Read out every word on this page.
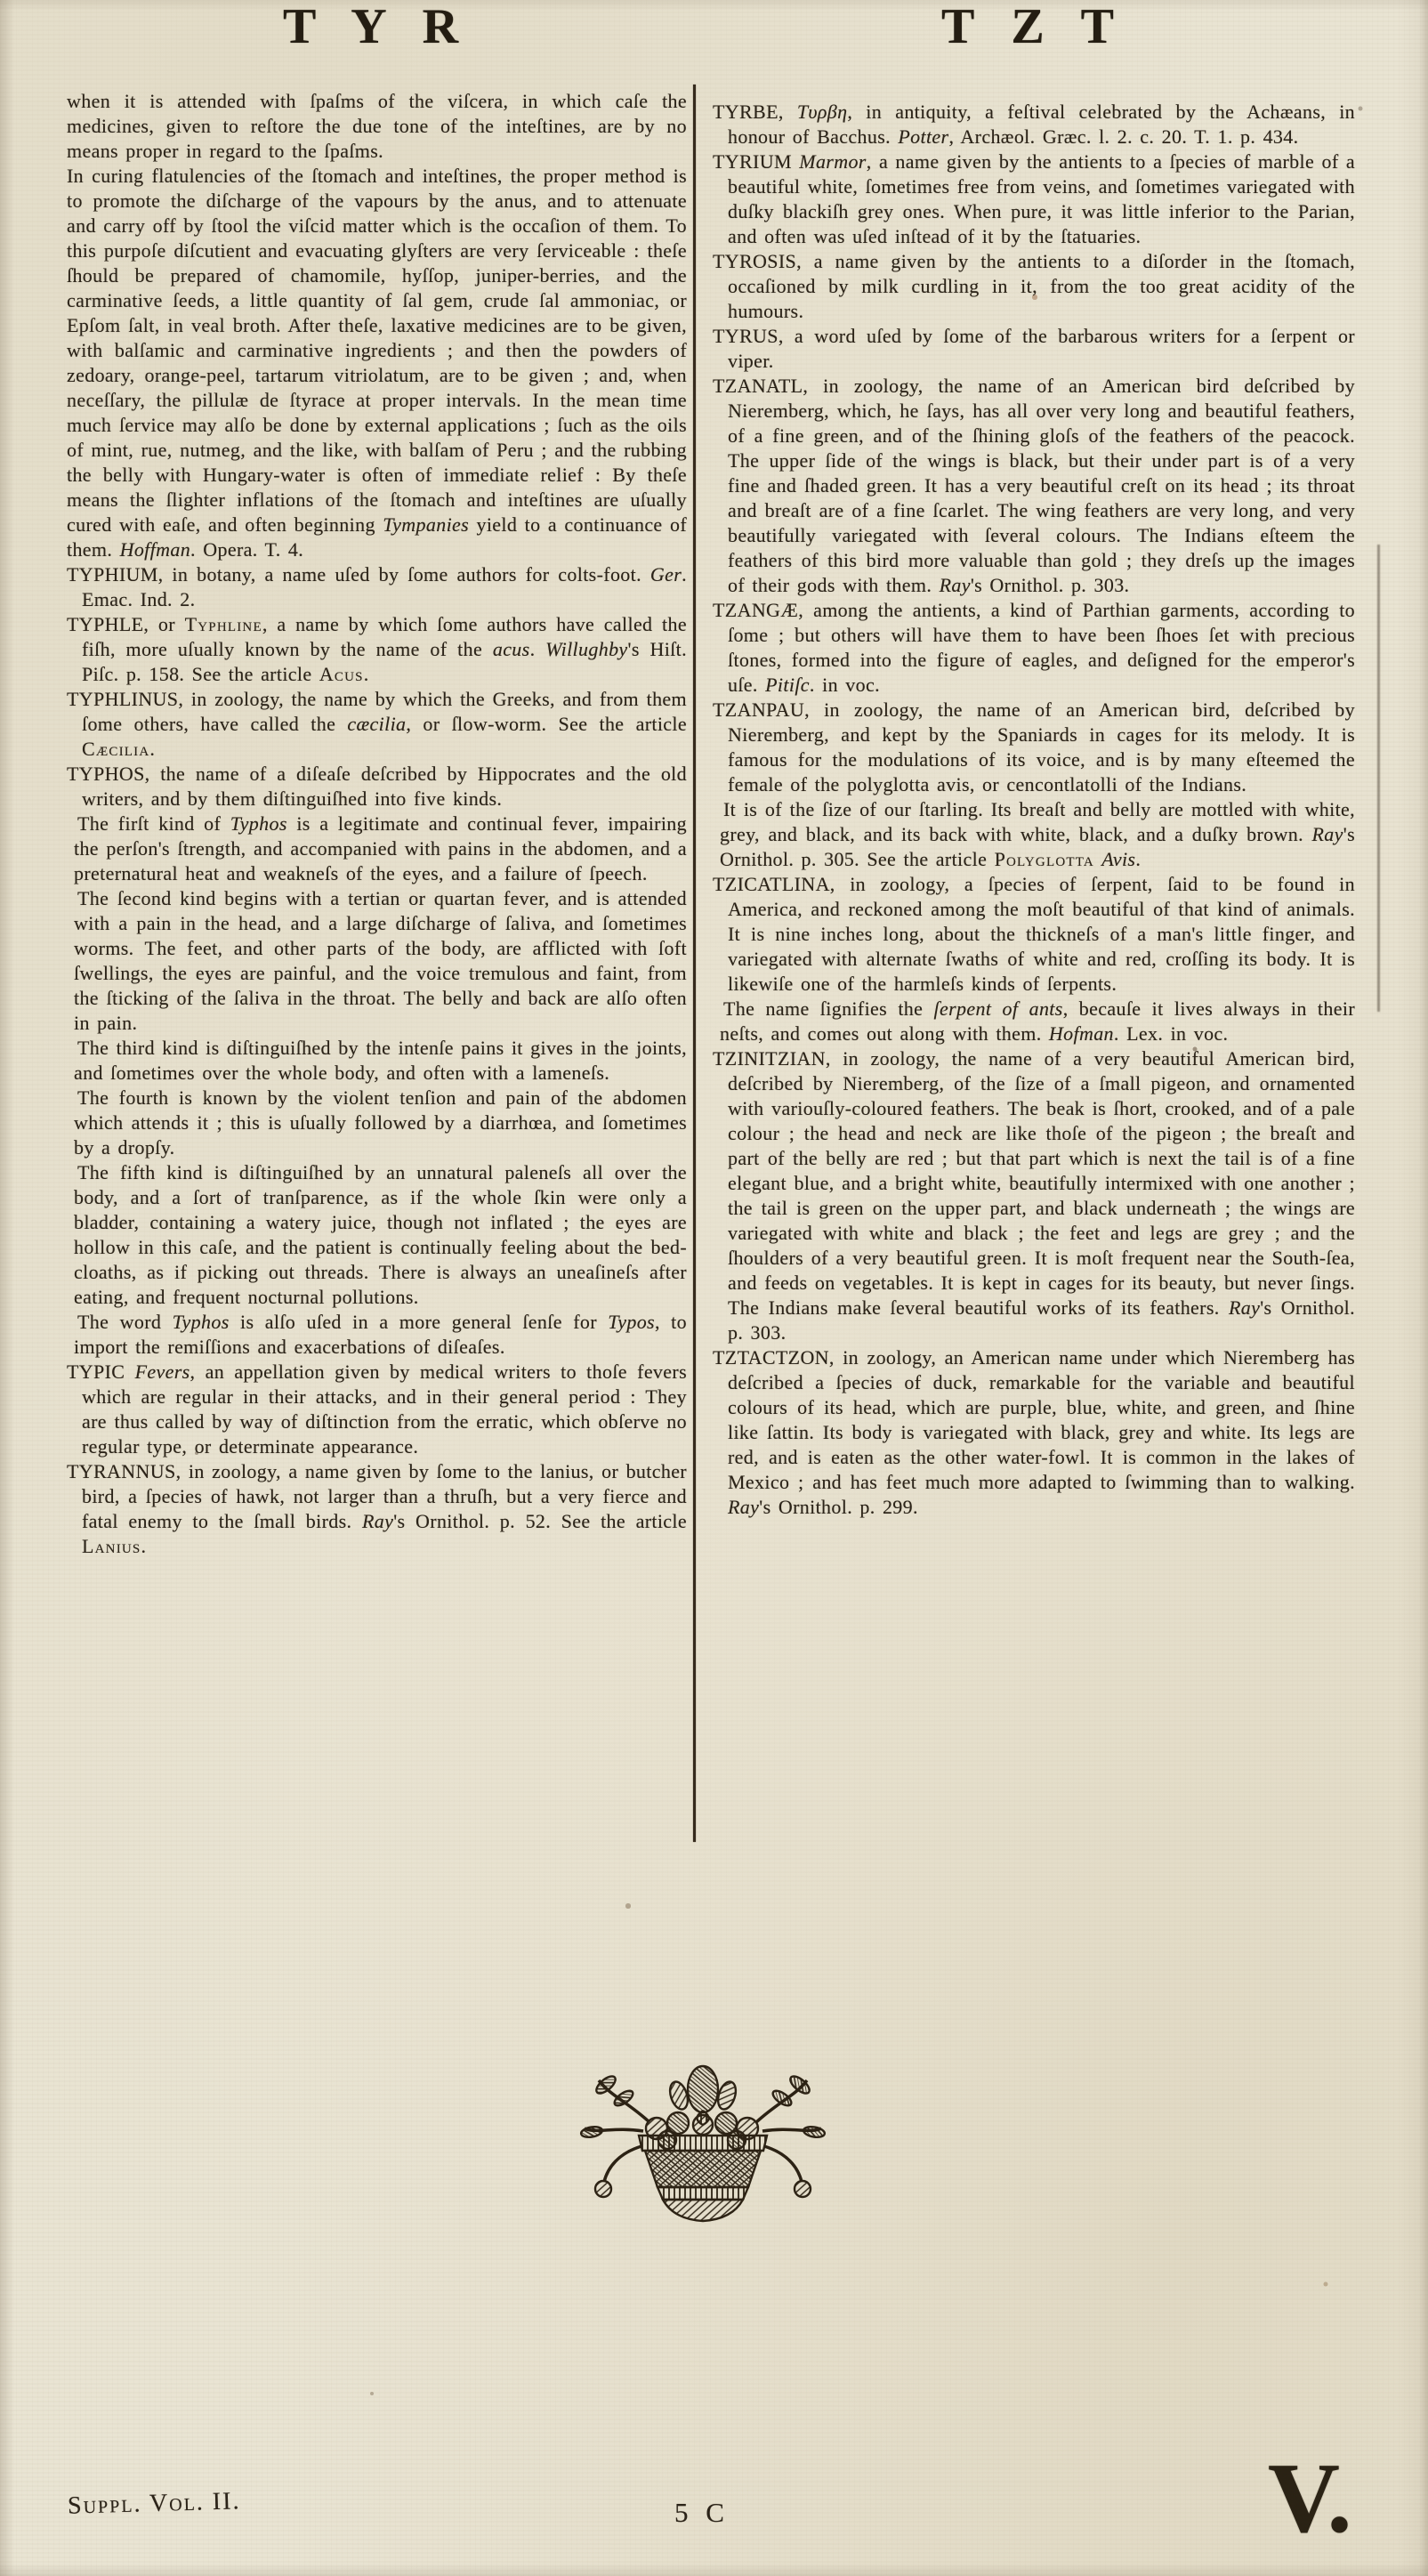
T Y R	T Z T

when it is attended with ſpaſms of the viſcera, in which caſe the medicines, given to reſtore the due tone of the inteſtines, are by no means proper in regard to the ſpaſms.

In curing flatulencies of the ſtomach and inteſtines, the proper method is to promote the diſcharge of the vapours by the anus, and to attenuate and carry off by ſtool the viſcid matter which is the occaſion of them. To this purpoſe diſcutient and evacuating glyſters are very ſerviceable : theſe ſhould be prepared of chamomile, hyſſop, juniper-berries, and the carminative ſeeds, a little quantity of ſal gem, crude ſal ammoniac, or Epſom ſalt, in veal broth. After theſe, laxative medicines are to be given, with balſamic and carminative ingredients ; and then the powders of zedoary, orange-peel, tartarum vitriolatum, are to be given ; and, when neceſſary, the pillulæ de ſtyrace at proper intervals. In the mean time much ſervice may alſo be done by external applications ; ſuch as the oils of mint, rue, nutmeg, and the like, with balſam of Peru ; and the rubbing the belly with Hungary-water is often of immediate relief : By theſe means the ſlighter inflations of the ſtomach and inteſtines are uſually cured with eaſe, and often beginning Tympanies yield to a continuance of them. Hoffman. Opera. T. 4.

TYPHIUM, in botany, a name uſed by ſome authors for colts-foot. Ger. Emac. Ind. 2.

TYPHLE, or Typhline, a name by which ſome authors have called the fiſh, more uſually known by the name of the acus. Willughby's Hiſt. Piſc. p. 158. See the article Acus.

TYPHLINUS, in zoology, the name by which the Greeks, and from them ſome others, have called the cæcilia, or ſlow-worm. See the article Cæcilia.

TYPHOS, the name of a diſeaſe deſcribed by Hippocrates and the old writers, and by them diſtinguiſhed into five kinds.

The firſt kind of Typhos is a legitimate and continual fever, impairing the perſon's ſtrength, and accompanied with pains in the abdomen, and a preternatural heat and weakneſs of the eyes, and a failure of ſpeech.

The ſecond kind begins with a tertian or quartan fever, and is attended with a pain in the head, and a large diſcharge of ſaliva, and ſometimes worms. The feet, and other parts of the body, are afflicted with ſoft ſwellings, the eyes are painful, and the voice tremulous and faint, from the ſticking of the ſaliva in the throat. The belly and back are alſo often in pain.

The third kind is diſtinguiſhed by the intenſe pains it gives in the joints, and ſometimes over the whole body, and often with a lameneſs.

The fourth is known by the violent tenſion and pain of the abdomen which attends it ; this is uſually followed by a diarrhœa, and ſometimes by a dropſy.

The fifth kind is diſtinguiſhed by an unnatural paleneſs all over the body, and a ſort of tranſparence, as if the whole ſkin were only a bladder, containing a watery juice, though not inflated ; the eyes are hollow in this caſe, and the patient is continually feeling about the bed-cloaths, as if picking out threads. There is always an uneaſineſs after eating, and frequent nocturnal pollutions.

The word Typhos is alſo uſed in a more general ſenſe for Typos, to import the remiſſions and exacerbations of diſeaſes.

TYPIC Fevers, an appellation given by medical writers to thoſe fevers which are regular in their attacks, and in their general period : They are thus called by way of diſtinction from the erratic, which obſerve no regular type, or determinate appearance.

TYRANNUS, in zoology, a name given by ſome to the lanius, or butcher bird, a ſpecies of hawk, not larger than a thruſh, but a very fierce and fatal enemy to the ſmall birds. Ray's Ornithol. p. 52. See the article Lanius.

TYRBE, Τυρβη, in antiquity, a feſtival celebrated by the Achæans, in honour of Bacchus. Potter, Archæol. Græc. l. 2. c. 20. T. 1. p. 434.

TYRIUM Marmor, a name given by the antients to a ſpecies of marble of a beautiful white, ſometimes free from veins, and ſometimes variegated with duſky blackiſh grey ones. When pure, it was little inferior to the Parian, and often was uſed inſtead of it by the ſtatuaries.

TYROSIS, a name given by the antients to a diſorder in the ſtomach, occaſioned by milk curdling in it, from the too great acidity of the humours.

TYRUS, a word uſed by ſome of the barbarous writers for a ſerpent or viper.

TZANATL, in zoology, the name of an American bird deſcribed by Nieremberg, which, he ſays, has all over very long and beautiful feathers, of a fine green, and of the ſhining gloſs of the feathers of the peacock. The upper ſide of the wings is black, but their under part is of a very fine and ſhaded green. It has a very beautiful creſt on its head ; its throat and breaſt are of a fine ſcarlet. The wing feathers are very long, and very beautifully variegated with ſeveral colours. The Indians eſteem the feathers of this bird more valuable than gold ; they dreſs up the images of their gods with them. Ray's Ornithol. p. 303.

TZANGÆ, among the antients, a kind of Parthian garments, according to ſome ; but others will have them to have been ſhoes ſet with precious ſtones, formed into the figure of eagles, and deſigned for the emperor's uſe. Pitiſc. in voc.

TZANPAU, in zoology, the name of an American bird, deſcribed by Nieremberg, and kept by the Spaniards in cages for its melody. It is famous for the modulations of its voice, and is by many eſteemed the female of the polyglotta avis, or cencontlatolli of the Indians.

It is of the ſize of our ſtarling. Its breaſt and belly are mottled with white, grey, and black, and its back with white, black, and a duſky brown. Ray's Ornithol. p. 305. See the article Polyglotta Avis.

TZICATLINA, in zoology, a ſpecies of ſerpent, ſaid to be found in America, and reckoned among the moſt beautiful of that kind of animals. It is nine inches long, about the thickneſs of a man's little finger, and variegated with alternate ſwaths of white and red, croſſing its body. It is likewiſe one of the harmleſs kinds of ſerpents.

The name ſignifies the ſerpent of ants, becauſe it lives always in their neſts, and comes out along with them. Hofman. Lex. in voc.

TZINITZIAN, in zoology, the name of a very beautiful American bird, deſcribed by Nieremberg, of the ſize of a ſmall pigeon, and ornamented with variouſly-coloured feathers. The beak is ſhort, crooked, and of a pale colour ; the head and neck are like thoſe of the pigeon ; the breaſt and part of the belly are red ; but that part which is next the tail is of a fine elegant blue, and a bright white, beautifully intermixed with one another ; the tail is green on the upper part, and black underneath ; the wings are variegated with white and black ; the feet and legs are grey ; and the ſhoulders of a very beautiful green. It is moſt frequent near the South-ſea, and feeds on vegetables. It is kept in cages for its beauty, but never ſings. The Indians make ſeveral beautiful works of its feathers. Ray's Ornithol. p. 303.

TZTACTZON, in zoology, an American name under which Nieremberg has deſcribed a ſpecies of duck, remarkable for the variable and beautiful colours of its head, which are purple, blue, white, and green, and ſhine like ſattin. Its body is variegated with black, grey and white. Its legs are red, and is eaten as the other water-fowl. It is common in the lakes of Mexico ; and has feet much more adapted to ſwimming than to walking. Ray's Ornithol. p. 299.

Suppl. Vol. II.	5 C	V.
